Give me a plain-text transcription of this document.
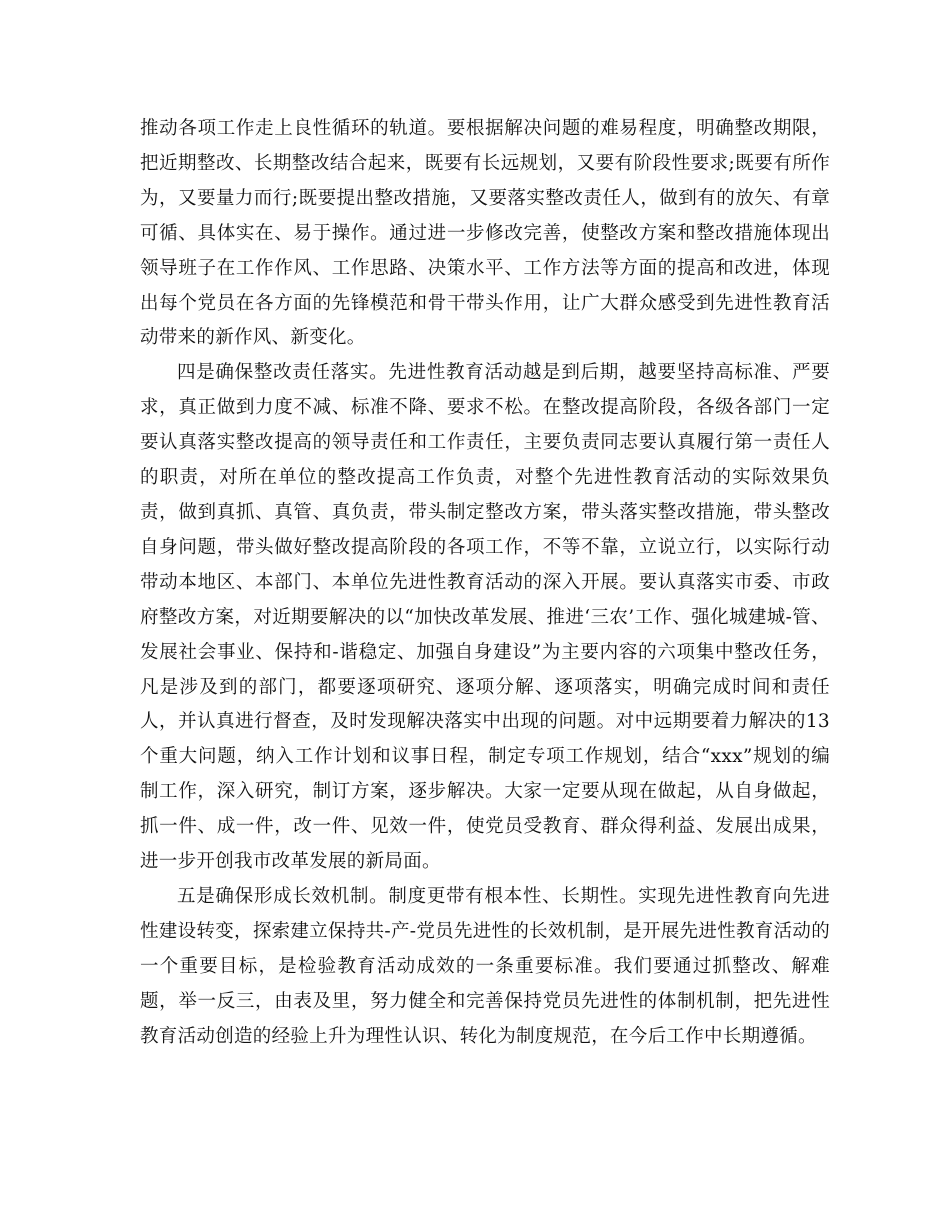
推动各项工作走上良性循环的轨道。要根据解决问题的难易程度，明确整改期限，把近期整改、长期整改结合起来，既要有长远规划，又要有阶段性要求;既要有所作为，又要量力而行;既要提出整改措施，又要落实整改责任人，做到有的放矢、有章可循、具体实在、易于操作。通过进一步修改完善，使整改方案和整改措施体现出领导班子在工作作风、工作思路、决策水平、工作方法等方面的提高和改进，体现出每个党员在各方面的先锋模范和骨干带头作用，让广大群众感受到先进性教育活动带来的新作风、新变化。

四是确保整改责任落实。先进性教育活动越是到后期，越要坚持高标准、严要求，真正做到力度不减、标准不降、要求不松。在整改提高阶段，各级各部门一定要认真落实整改提高的领导责任和工作责任，主要负责同志要认真履行第一责任人的职责，对所在单位的整改提高工作负责，对整个先进性教育活动的实际效果负责，做到真抓、真管、真负责，带头制定整改方案，带头落实整改措施，带头整改自身问题，带头做好整改提高阶段的各项工作，不等不靠，立说立行，以实际行动带动本地区、本部门、本单位先进性教育活动的深入开展。要认真落实市委、市政府整改方案，对近期要解决的以“加快改革发展、推进‘三农’工作、强化城建城-管、发展社会事业、保持和-谐稳定、加强自身建设”为主要内容的六项集中整改任务，凡是涉及到的部门，都要逐项研究、逐项分解、逐项落实，明确完成时间和责任人，并认真进行督查，及时发现解决落实中出现的问题。对中远期要着力解决的13个重大问题，纳入工作计划和议事日程，制定专项工作规划，结合“xxx”规划的编制工作，深入研究，制订方案，逐步解决。大家一定要从现在做起，从自身做起，抓一件、成一件，改一件、见效一件，使党员受教育、群众得利益、发展出成果，进一步开创我市改革发展的新局面。

五是确保形成长效机制。制度更带有根本性、长期性。实现先进性教育向先进性建设转变，探索建立保持共-产-党员先进性的长效机制，是开展先进性教育活动的一个重要目标，是检验教育活动成效的一条重要标准。我们要通过抓整改、解难题，举一反三，由表及里，努力健全和完善保持党员先进性的体制机制，把先进性教育活动创造的经验上升为理性认识、转化为制度规范，在今后工作中长期遵循。
